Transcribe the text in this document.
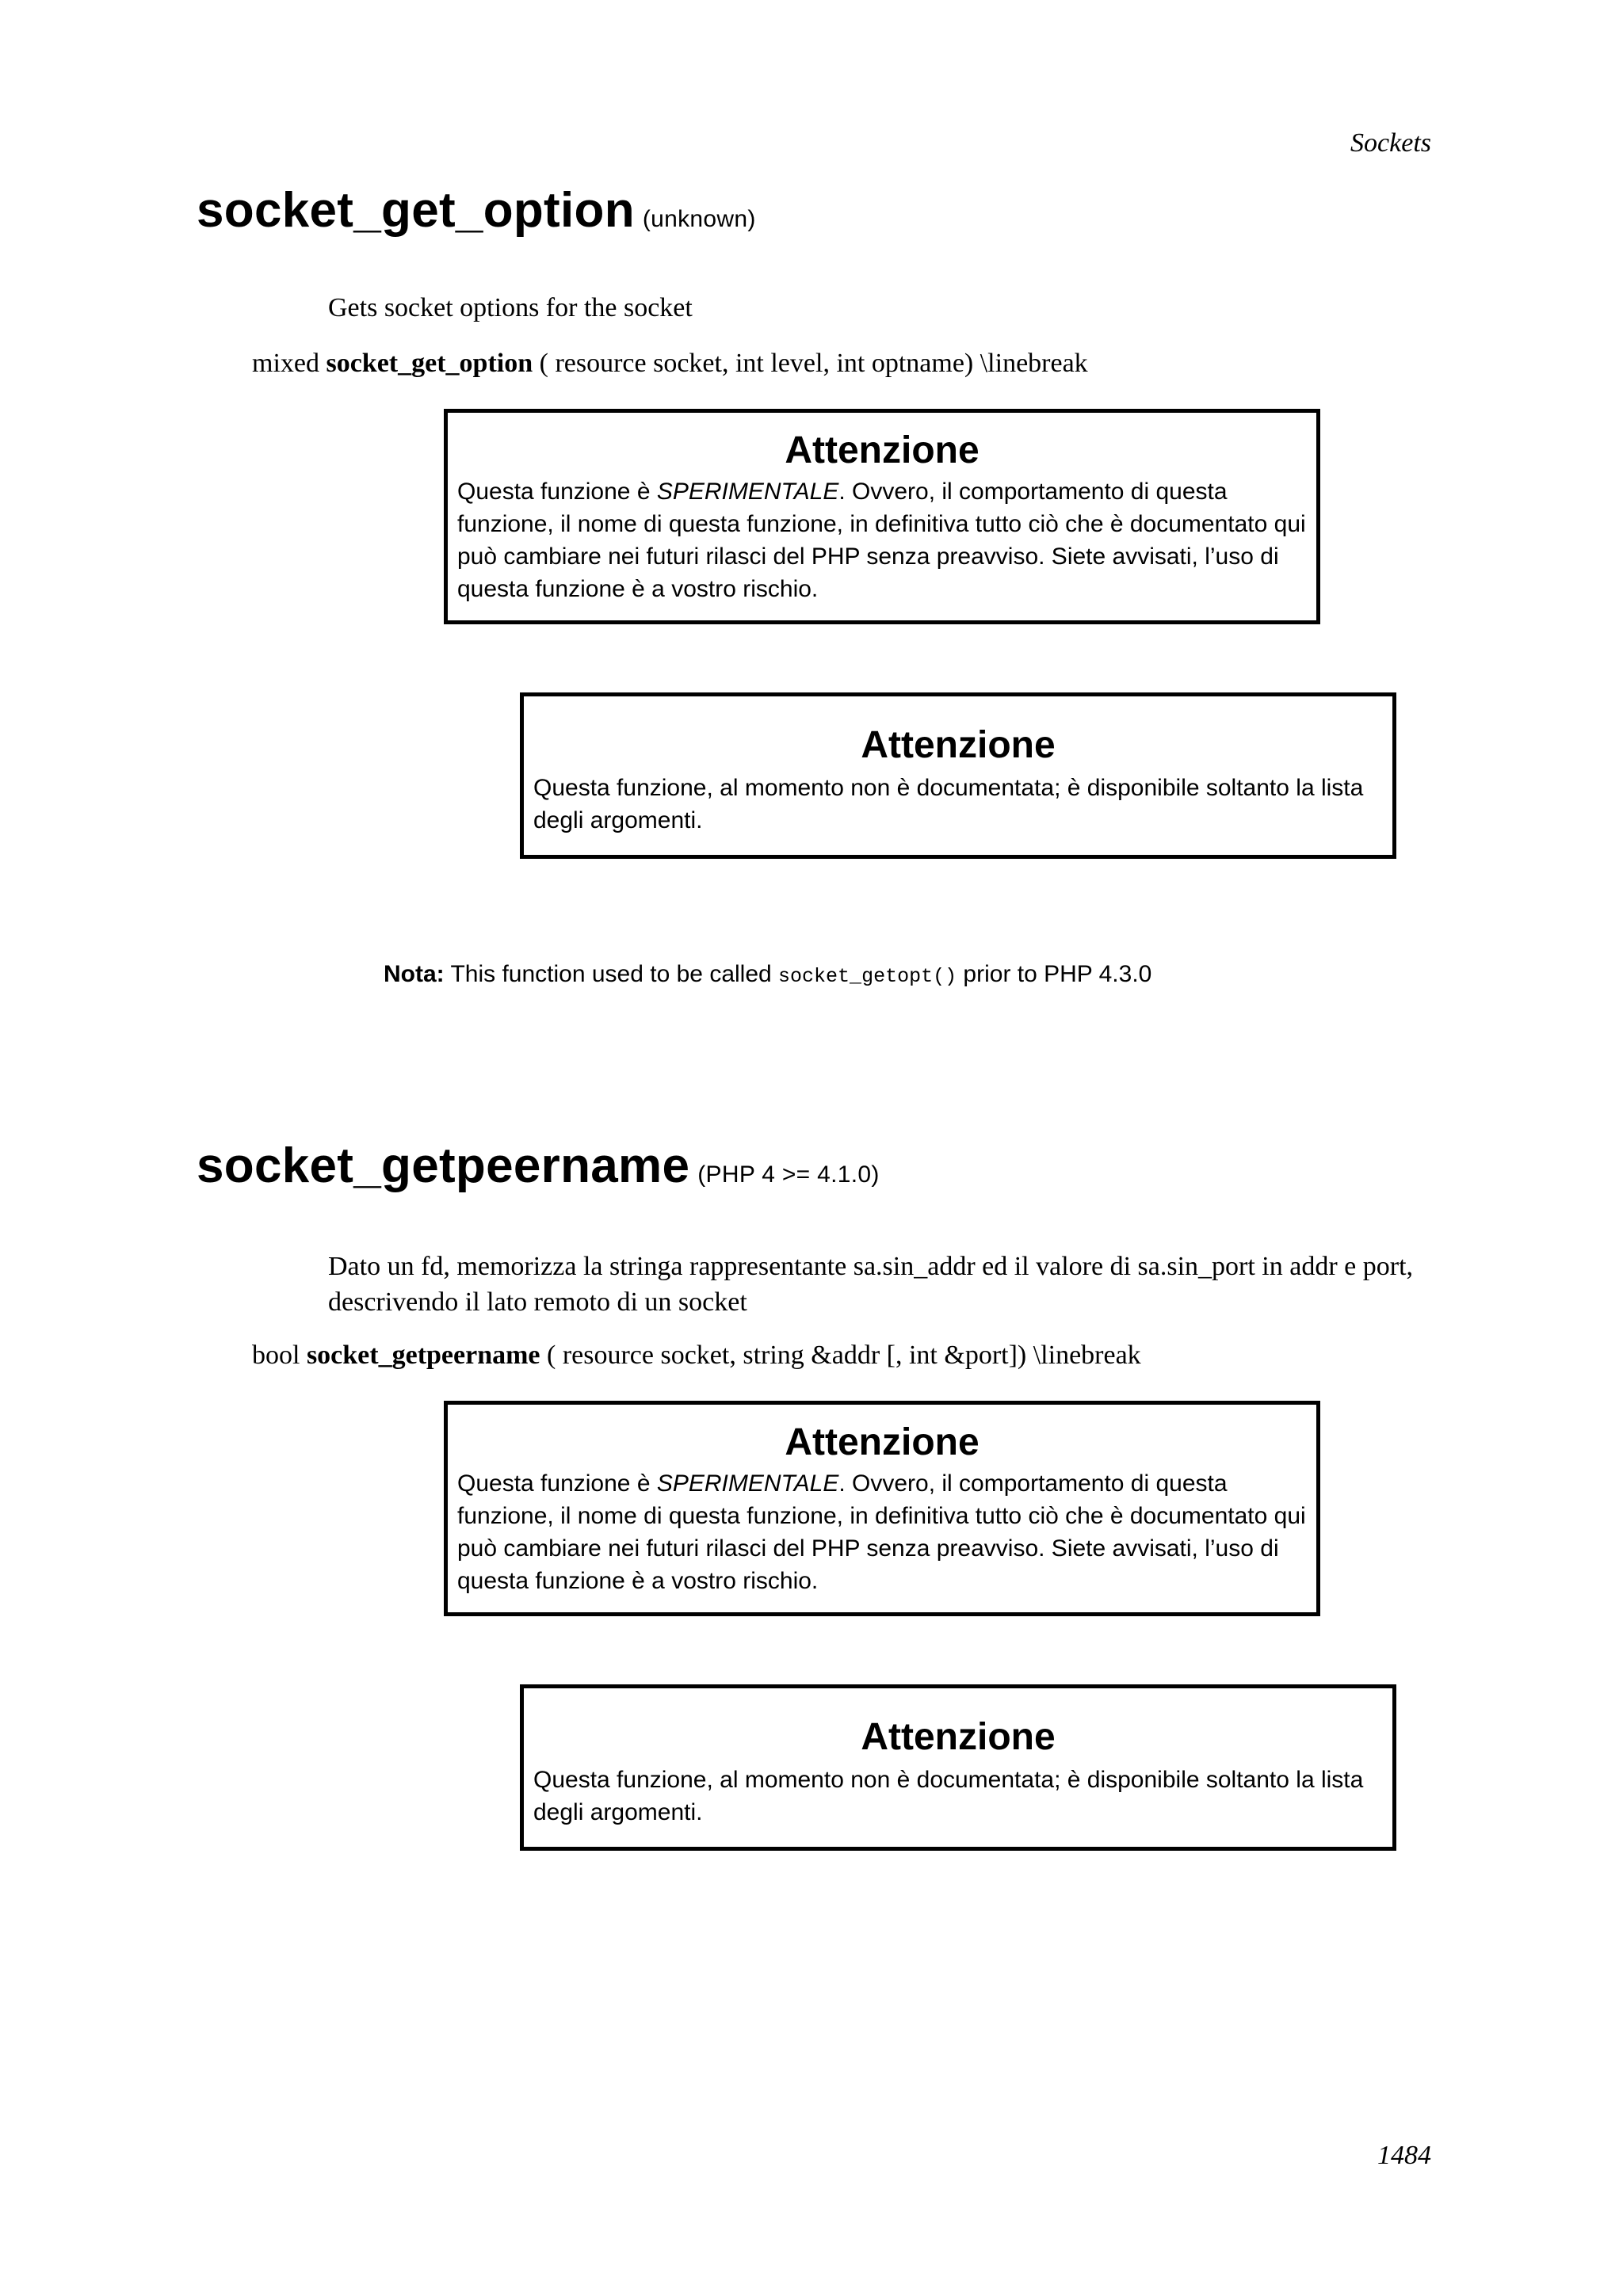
Sockets
socket_get_option (unknown)
Gets socket options for the socket
mixed socket_get_option ( resource socket, int level, int optname) \linebreak
Attenzione
Questa funzione è SPERIMENTALE. Ovvero, il comportamento di questa funzione, il nome di questa funzione, in definitiva tutto ciò che è documentato qui può cambiare nei futuri rilasci del PHP senza preavviso. Siete avvisati, l’uso di questa funzione è a vostro rischio.
Attenzione
Questa funzione, al momento non è documentata; è disponibile soltanto la lista degli argomenti.
Nota: This function used to be called socket_getopt() prior to PHP 4.3.0
socket_getpeername (PHP 4 >= 4.1.0)
Dato un fd, memorizza la stringa rappresentante sa.sin_addr ed il valore di sa.sin_port in addr e port, descrivendo il lato remoto di un socket
bool socket_getpeername ( resource socket, string &addr [, int &port]) \linebreak
Attenzione
Questa funzione è SPERIMENTALE. Ovvero, il comportamento di questa funzione, il nome di questa funzione, in definitiva tutto ciò che è documentato qui può cambiare nei futuri rilasci del PHP senza preavviso. Siete avvisati, l’uso di questa funzione è a vostro rischio.
Attenzione
Questa funzione, al momento non è documentata; è disponibile soltanto la lista degli argomenti.
1484
